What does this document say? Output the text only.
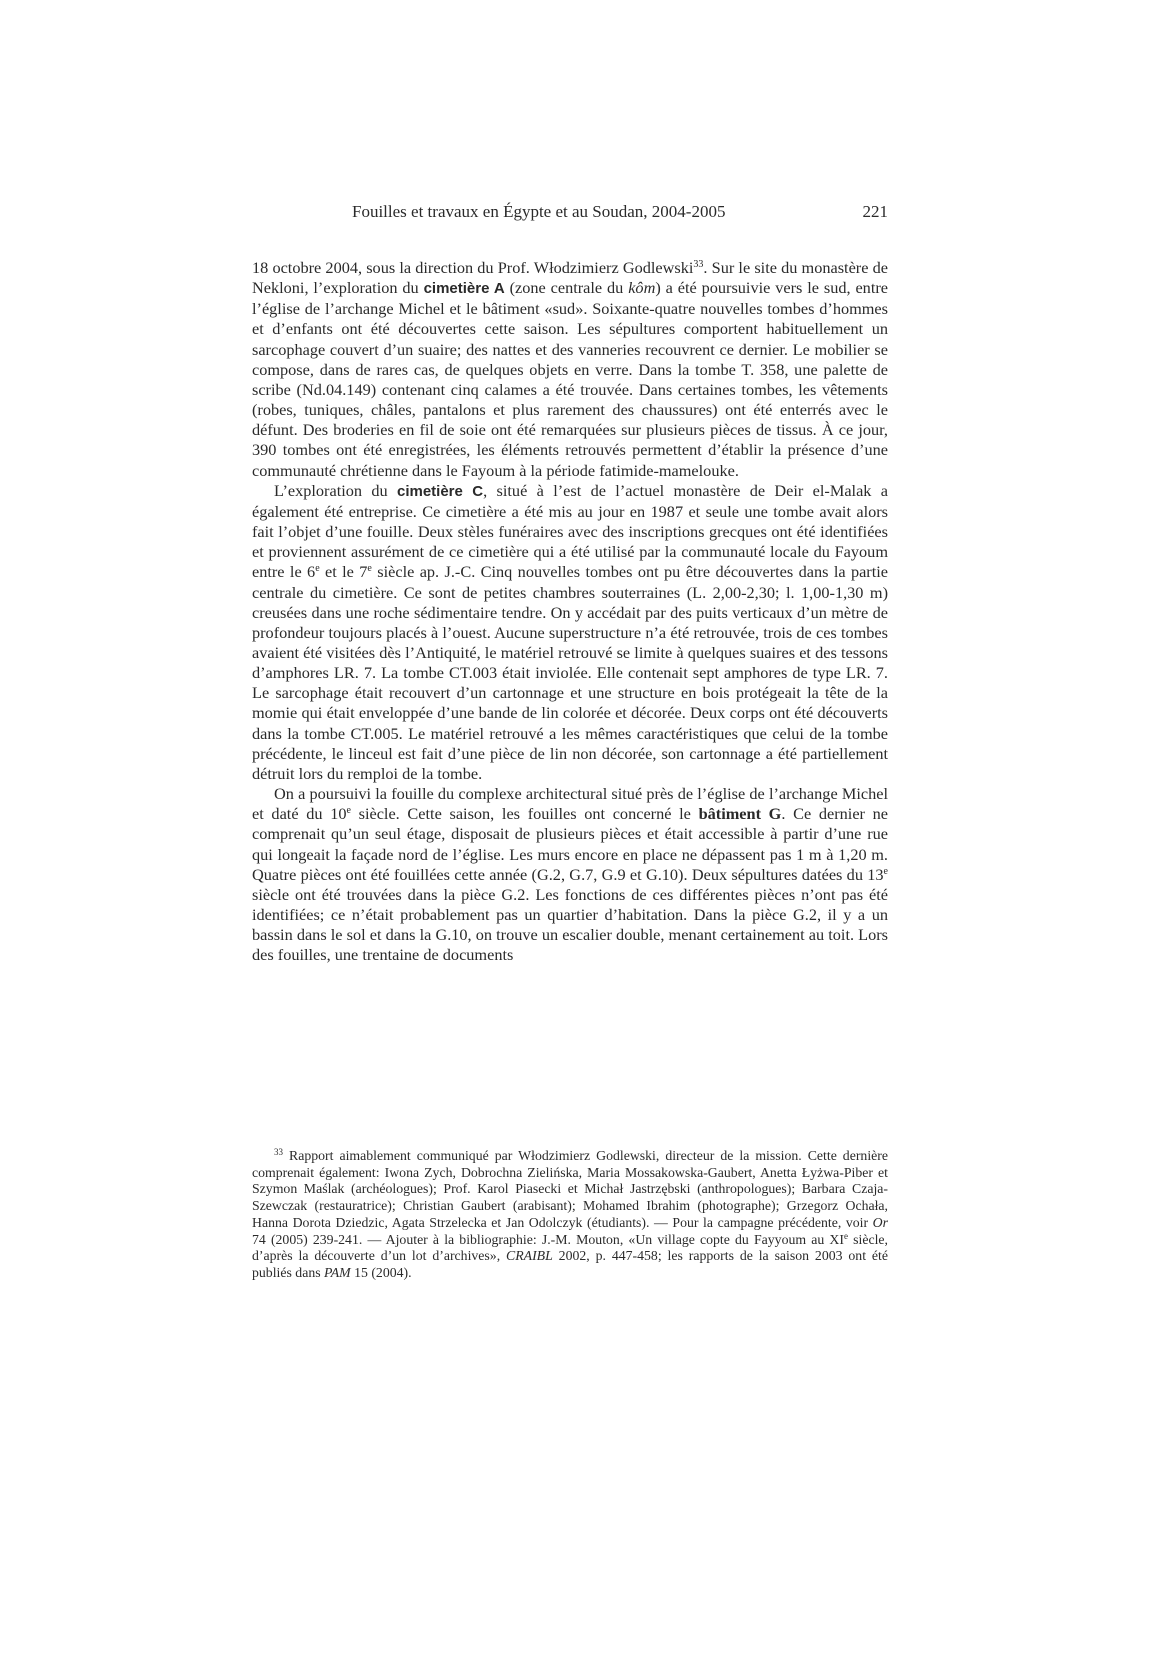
Fouilles et travaux en Égypte et au Soudan, 2004-2005	221

18 octobre 2004, sous la direction du Prof. Włodzimierz Godlewski$^{33}$. Sur le site du monastère de Nekloni, l’exploration du cimetière A (zone centrale du kôm) a été poursuivie vers le sud, entre l’église de l’archange Michel et le bâtiment «sud». Soixante-quatre nouvelles tombes d’hommes et d’enfants ont été découvertes cette saison. Les sépultures comportent habituellement un sarcophage couvert d’un suaire; des nattes et des vanneries recouvrent ce dernier. Le mobilier se compose, dans de rares cas, de quelques objets en verre. Dans la tombe T. 358, une palette de scribe (Nd.04.149) contenant cinq calames a été trouvée. Dans certaines tombes, les vêtements (robes, tuniques, châles, pantalons et plus rarement des chaussures) ont été enterrés avec le défunt. Des broderies en fil de soie ont été remarquées sur plusieurs pièces de tissus. À ce jour, 390 tombes ont été enregistrées, les éléments retrouvés permettent d’établir la présence d’une communauté chrétienne dans le Fayoum à la période fatimide-mamelouke.

L’exploration du cimetière C, situé à l’est de l’actuel monastère de Deir el-Malak a également été entreprise. Ce cimetière a été mis au jour en 1987 et seule une tombe avait alors fait l’objet d’une fouille. Deux stèles funéraires avec des inscriptions grecques ont été identifiées et proviennent assurément de ce cimetière qui a été utilisé par la communauté locale du Fayoum entre le 6e et le 7e siècle ap. J.-C. Cinq nouvelles tombes ont pu être découvertes dans la partie centrale du cimetière. Ce sont de petites chambres souterraines (L. 2,00-2,30; l. 1,00-1,30 m) creusées dans une roche sédimentaire tendre. On y accédait par des puits verticaux d’un mètre de profondeur toujours placés à l’ouest. Aucune superstructure n’a été retrouvée, trois de ces tombes avaient été visitées dès l’Antiquité, le matériel retrouvé se limite à quelques suaires et des tessons d’amphores LR. 7. La tombe CT.003 était inviolée. Elle contenait sept amphores de type LR. 7. Le sarcophage était recouvert d’un cartonnage et une structure en bois protégeait la tête de la momie qui était enveloppée d’une bande de lin colorée et décorée. Deux corps ont été découverts dans la tombe CT.005. Le matériel retrouvé a les mêmes caractéristiques que celui de la tombe précédente, le linceul est fait d’une pièce de lin non décorée, son cartonnage a été partiellement détruit lors du remploi de la tombe.

On a poursuivi la fouille du complexe architectural situé près de l’église de l’archange Michel et daté du 10e siècle. Cette saison, les fouilles ont concerné le bâtiment G. Ce dernier ne comprenait qu’un seul étage, disposait de plusieurs pièces et était accessible à partir d’une rue qui longeait la façade nord de l’église. Les murs encore en place ne dépassent pas 1 m à 1,20 m. Quatre pièces ont été fouillées cette année (G.2, G.7, G.9 et G.10). Deux sépultures datées du 13e siècle ont été trouvées dans la pièce G.2. Les fonctions de ces différentes pièces n’ont pas été identifiées; ce n’était probablement pas un quartier d’habitation. Dans la pièce G.2, il y a un bassin dans le sol et dans la G.10, on trouve un escalier double, menant certainement au toit. Lors des fouilles, une trentaine de documents

$^{33}$ Rapport aimablement communiqué par Włodzimierz Godlewski, directeur de la mission. Cette dernière comprenait également: Iwona Zych, Dobrochna Zielińska, Maria Mossakowska-Gaubert, Anetta Łyżwa-Piber et Szymon Maślak (archéologues); Prof. Karol Piasecki et Michał Jastrzębski (anthropologues); Barbara Czaja-Szewczak (restauratrice); Christian Gaubert (arabisant); Mohamed Ibrahim (photographe); Grzegorz Ochała, Hanna Dorota Dziedzic, Agata Strzelecka et Jan Odolczyk (étudiants). — Pour la campagne précédente, voir Or 74 (2005) 239-241. — Ajouter à la bibliographie: J.-M. Mouton, «Un village copte du Fayyoum au XIe siècle, d’après la découverte d’un lot d’archives», CRAIBL 2002, p. 447-458; les rapports de la saison 2003 ont été publiés dans PAM 15 (2004).
